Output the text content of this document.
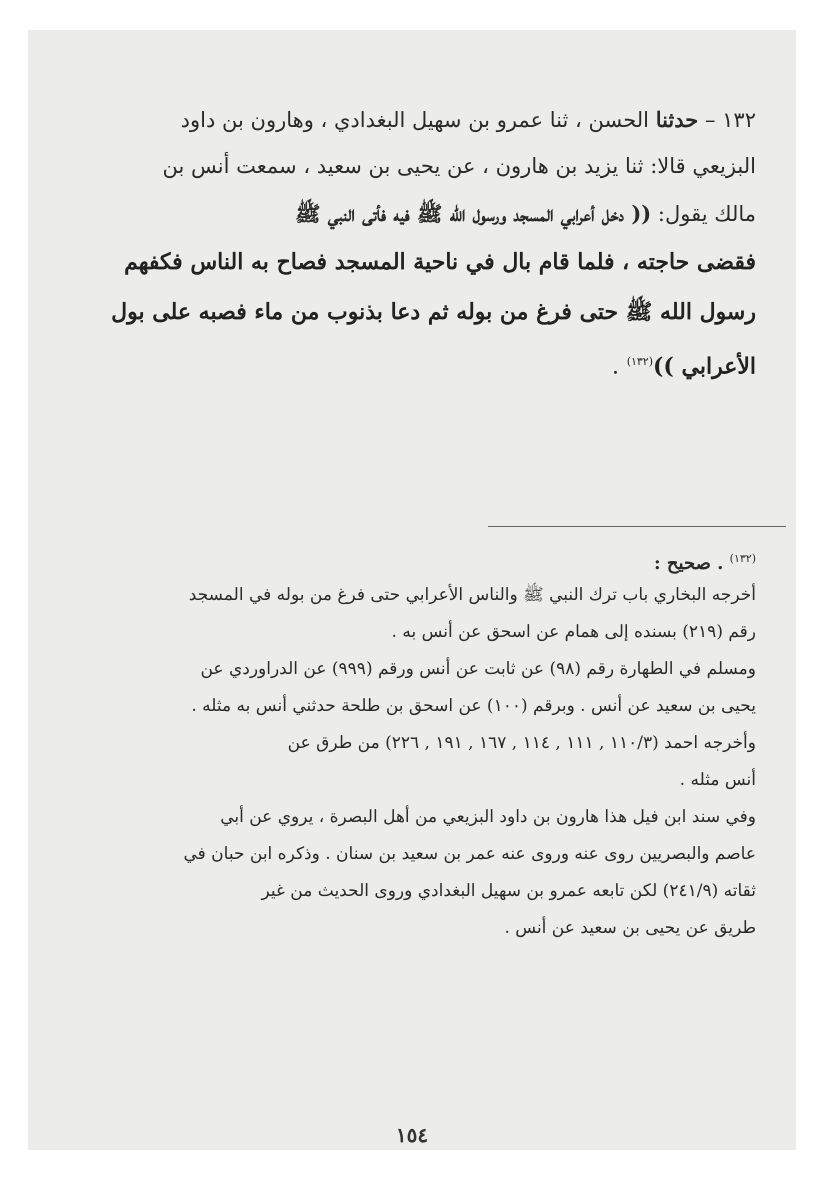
١٣٢ – حدثنا الحسن ، ثنا عمرو بن سهيل البغدادي ، وهارون بن داود
البزيعي قالا: ثنا يزيد بن هارون ، عن يحيى بن سعيد ، سمعت أنس بن
مالك يقول: (( دخل أعرابي المسجد ورسول الله ﷺ فيه فأتى النبي ﷺ
فقضى حاجته ، فلما قام بال في ناحية المسجد فصاح به الناس فكفهم
رسول الله ﷺ حتى فرغ من بوله ثم دعا بذنوب من ماء فصبه على بول
الأعرابي ))$^{(١٣٢)}$ .
$^{(١٣٢)}$ . صحيح :
أخرجه البخاري باب ترك النبي ﷺ والناس الأعرابي حتى فرغ من بوله في المسجد
رقم (٢١٩) بسنده إلى همام عن اسحق عن أنس به .
ومسلم في الطهارة رقم (٩٨) عن ثابت عن أنس ورقم (٩٩٩) عن الدراوردي عن
يحيى بن سعيد عن أنس . وبرقم (١٠٠) عن اسحق بن طلحة حدثني أنس به مثله .
وأخرجه احمد (١١٠/٣ , ١١١ , ١١٤ , ١٦٧ , ١٩١ , ٢٢٦) من طرق عن
أنس مثله .
وفي سند ابن فيل هذا هارون بن داود البزيعي من أهل البصرة ، يروي عن أبي
عاصم والبصريين روى عنه وروى عنه عمر بن سعيد بن سنان . وذكره ابن حبان في
ثقاته (٢٤١/٩) لكن تابعه عمرو بن سهيل البغدادي وروى الحديث من غير
طريق عن يحيى بن سعيد عن أنس .
١٥٤
